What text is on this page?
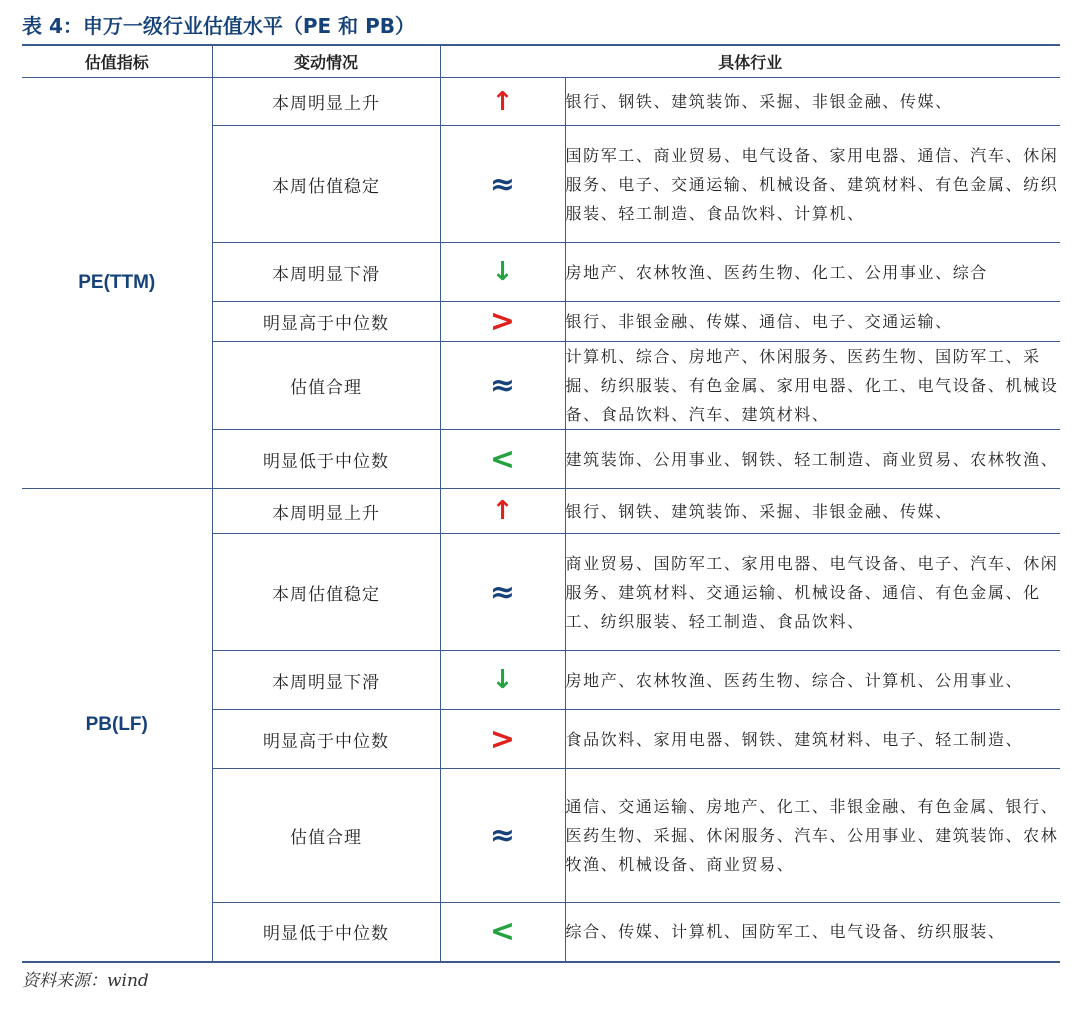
表 4：申万一级行业估值水平（PE 和 PB）
估值指标	变动情况	具体行业	
PE(TTM)	本周明显上升	↑	银行、钢铁、建筑装饰、采掘、非银金融、传媒、
	本周估值稳定	≈	国防军工、商业贸易、电气设备、家用电器、通信、汽车、休闲服务、电子、交通运输、机械设备、建筑材料、有色金属、纺织服装、轻工制造、食品饮料、计算机、
	本周明显下滑	↓	房地产、农林牧渔、医药生物、化工、公用事业、综合
	明显高于中位数	>	银行、非银金融、传媒、通信、电子、交通运输、
	估值合理	≈	计算机、综合、房地产、休闲服务、医药生物、国防军工、采掘、纺织服装、有色金属、家用电器、化工、电气设备、机械设备、食品饮料、汽车、建筑材料、
	明显低于中位数	<	建筑装饰、公用事业、钢铁、轻工制造、商业贸易、农林牧渔、
PB(LF)	本周明显上升	↑	银行、钢铁、建筑装饰、采掘、非银金融、传媒、
	本周估值稳定	≈	商业贸易、国防军工、家用电器、电气设备、电子、汽车、休闲服务、建筑材料、交通运输、机械设备、通信、有色金属、化工、纺织服装、轻工制造、食品饮料、
	本周明显下滑	↓	房地产、农林牧渔、医药生物、综合、计算机、公用事业、
	明显高于中位数	>	食品饮料、家用电器、钢铁、建筑材料、电子、轻工制造、
	估值合理	≈	通信、交通运输、房地产、化工、非银金融、有色金属、银行、医药生物、采掘、休闲服务、汽车、公用事业、建筑装饰、农林牧渔、机械设备、商业贸易、
	明显低于中位数	<	综合、传媒、计算机、国防军工、电气设备、纺织服装、
资料来源：wind
